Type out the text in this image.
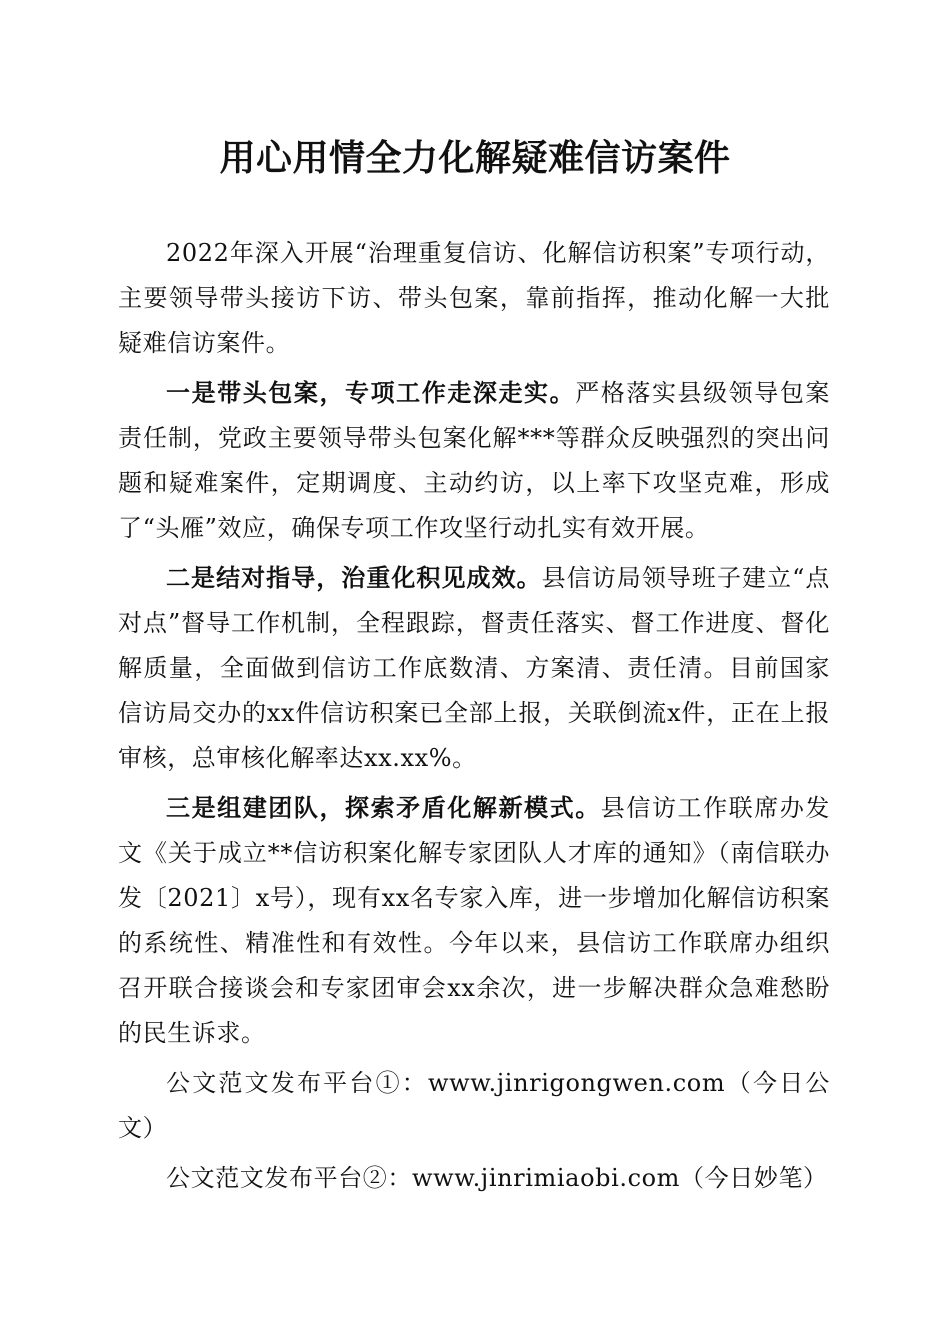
用心用情全力化解疑难信访案件

2022年深入开展“治理重复信访、化解信访积案”专项行动，主要领导带头接访下访、带头包案，靠前指挥，推动化解一大批疑难信访案件。

一是带头包案，专项工作走深走实。严格落实县级领导包案责任制，党政主要领导带头包案化解***等群众反映强烈的突出问题和疑难案件，定期调度、主动约访，以上率下攻坚克难，形成了“头雁”效应，确保专项工作攻坚行动扎实有效开展。

二是结对指导，治重化积见成效。县信访局领导班子建立“点对点”督导工作机制，全程跟踪，督责任落实、督工作进度、督化解质量，全面做到信访工作底数清、方案清、责任清。目前国家信访局交办的xx件信访积案已全部上报，关联倒流x件，正在上报审核，总审核化解率达xx.xx%。

三是组建团队，探索矛盾化解新模式。县信访工作联席办发文《关于成立**信访积案化解专家团队人才库的通知》（南信联办发〔2021〕x号），现有xx名专家入库，进一步增加化解信访积案的系统性、精准性和有效性。今年以来，县信访工作联席办组织召开联合接谈会和专家团审会xx余次，进一步解决群众急难愁盼的民生诉求。

公文范文发布平台①：www.jinrigongwen.com（今日公文）

公文范文发布平台②：www.jinrimiaobi.com（今日妙笔）
